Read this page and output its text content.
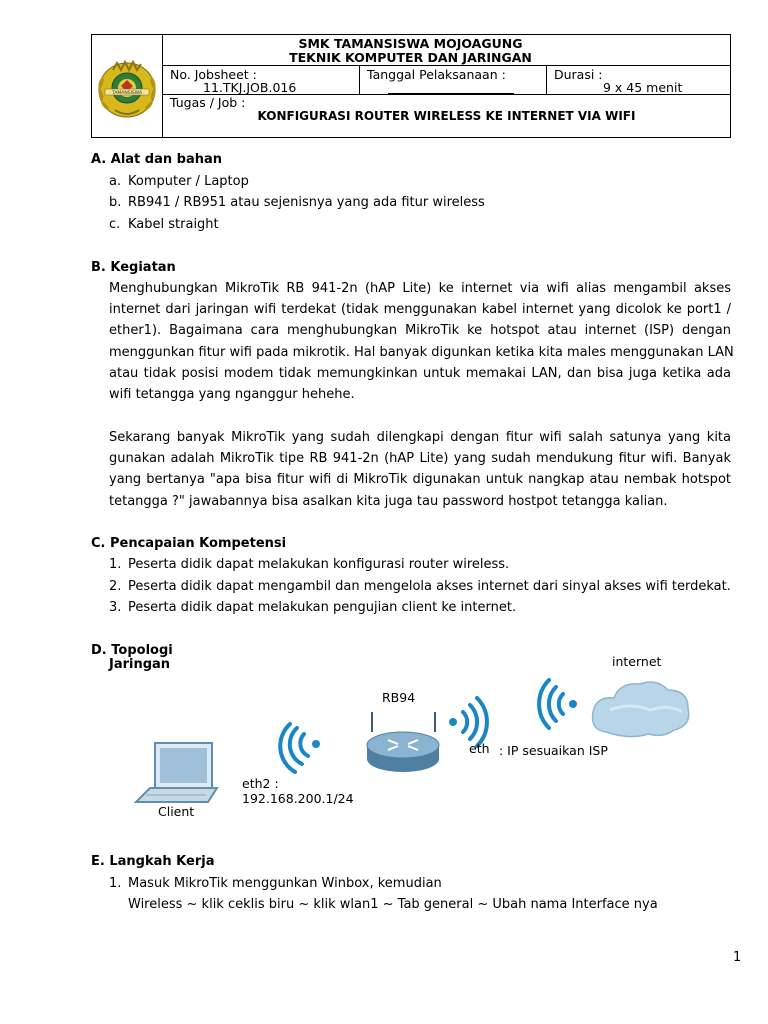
TAMANSISWA
SMK TAMANSISWA MOJOAGUNG
TEKNIK KOMPUTER DAN JARINGAN
No. Jobsheet :
11.TKJ.JOB.016
Tanggal Pelaksanaan :	Durasi :
9 x 45 menit
Tugas / Job :
KONFIGURASI ROUTER WIRELESS KE INTERNET VIA WIFI
A. Alat dan bahan
a. Komputer / Laptop
b. RB941 / RB951 atau sejenisnya yang ada fitur wireless
c. Kabel straight
B. Kegiatan
Menghubungkan MikroTik RB 941-2n (hAP Lite) ke internet via wifi alias mengambil akses
internet dari jaringan wifi terdekat (tidak menggunakan kabel internet yang dicolok ke port1 /
ether1). Bagaimana cara menghubungkan MikroTik ke hotspot atau internet (ISP) dengan
menggunkan fitur wifi pada mikrotik. Hal banyak digunkan ketika kita males menggunakan LAN
atau tidak posisi modem tidak memungkinkan untuk memakai LAN, dan bisa juga ketika ada
wifi tetangga yang nganggur hehehe.
Sekarang banyak MikroTik yang sudah dilengkapi dengan fitur wifi salah satunya yang kita
gunakan adalah MikroTik tipe RB 941-2n (hAP Lite) yang sudah mendukung fitur wifi. Banyak
yang bertanya "apa bisa fitur wifi di MikroTik digunakan untuk nangkap atau nembak hotspot
tetangga ?" jawabannya bisa asalkan kita juga tau password hostpot tetangga kalian.
C. Pencapaian Kompetensi
1. Peserta didik dapat melakukan konfigurasi router wireless.
2. Peserta didik dapat mengambil dan mengelola akses internet dari sinyal akses wifi terdekat.
3. Peserta didik dapat melakukan pengujian client ke internet.
D. Topologi
Jaringan	internet
RB94
eth : IP sesuaikan ISP
eth2 :
192.168.200.1/24
Client
E. Langkah Kerja
1. Masuk MikroTik menggunkan Winbox, kemudian
Wireless ~ klik ceklis biru ~ klik wlan1 ~ Tab general ~ Ubah nama Interface nya
1
